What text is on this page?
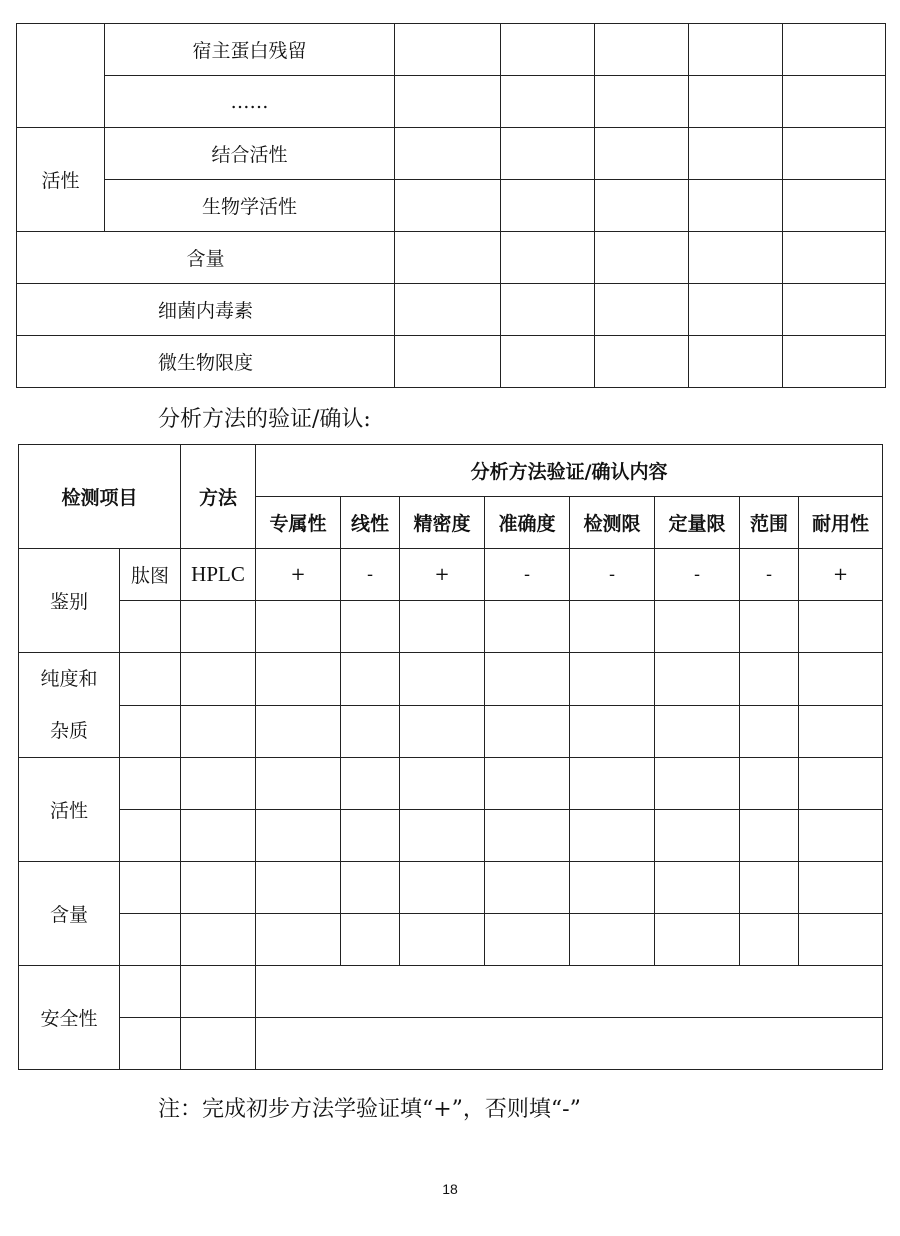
	宿主蛋白残留					
	……					
活性	结合活性					
	生物学活性					
含量						
细菌内毒素						
微生物限度						
分析方法的验证/确认:
检测项目		方法	分析方法验证/确认内容							
			专属性	线性	精密度	准确度	检测限	定量限	范围	耐用性
鉴别	肽图	HPLC	+	-	+	-	-	-	-	+

纯度和
杂质										

活性										

含量										

安全性										

注：完成初步方法学验证填“+”，否则填“-”
18
